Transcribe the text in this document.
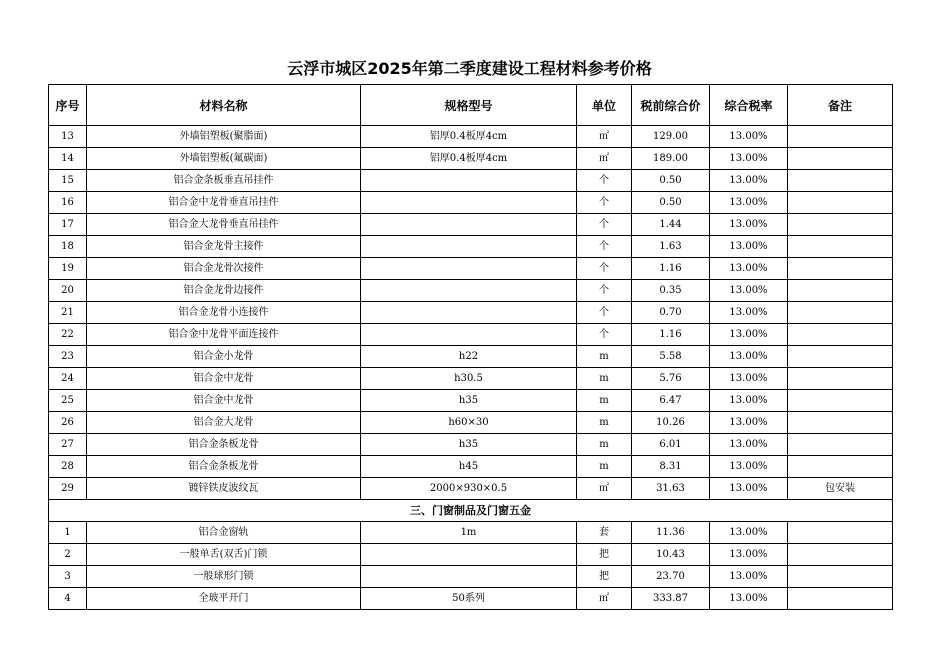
云浮市城区2025年第二季度建设工程材料参考价格
序号	材料名称	规格型号	单位	税前综合价	综合税率	备注
13	外墙铝塑板(聚脂面)	铝厚0.4板厚4cm	㎡	129.00	13.00%	
14	外墙铝塑板(氟碳面)	铝厚0.4板厚4cm	㎡	189.00	13.00%	
15	铝合金条板垂直吊挂件		个	0.50	13.00%	
16	铝合金中龙骨垂直吊挂件		个	0.50	13.00%	
17	铝合金大龙骨垂直吊挂件		个	1.44	13.00%	
18	铝合金龙骨主接件		个	1.63	13.00%	
19	铝合金龙骨次接件		个	1.16	13.00%	
20	铝合金龙骨边接件		个	0.35	13.00%	
21	铝合金龙骨小连接件		个	0.70	13.00%	
22	铝合金中龙骨平面连接件		个	1.16	13.00%	
23	铝合金小龙骨	h22	m	5.58	13.00%	
24	铝合金中龙骨	h30.5	m	5.76	13.00%	
25	铝合金中龙骨	h35	m	6.47	13.00%	
26	铝合金大龙骨	h60×30	m	10.26	13.00%	
27	铝合金条板龙骨	h35	m	6.01	13.00%	
28	铝合金条板龙骨	h45	m	8.31	13.00%	
29	镀锌铁皮波纹瓦	2000×930×0.5	㎡	31.63	13.00%	包安装
三、门窗制品及门窗五金						
1	铝合金窗轨	1m	套	11.36	13.00%	
2	一般单舌(双舌)门锁		把	10.43	13.00%	
3	一般球形门锁		把	23.70	13.00%	
4	全玻平开门	50系列	㎡	333.87	13.00%	
